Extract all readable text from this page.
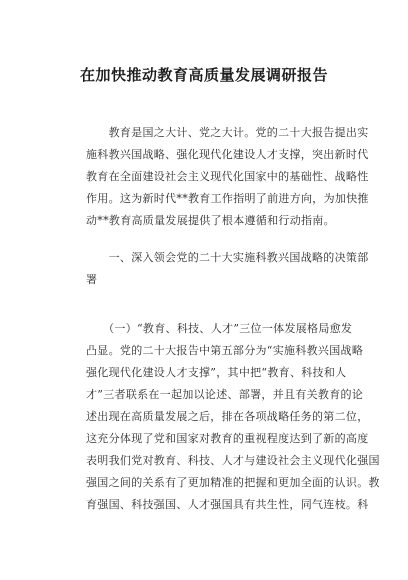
在加快推动教育高质量发展调研报告
　　教育是国之大计、党之大计。党的二十大报告提出实
施科教兴国战略、强化现代化建设人才支撑，突出新时代
教育在全面建设社会主义现代化国家中的基础性、战略性
作用。这为新时代**教育工作指明了前进方向，为加快推
动**教育高质量发展提供了根本遵循和行动指南。
　　一、深入领会党的二十大实施科教兴国战略的决策部
署
　　（一）“教育、科技、人才”三位一体发展格局愈发
凸显。党的二十大报告中第五部分为“实施科教兴国战略
强化现代化建设人才支撑”，其中把“教育、科技和人
才”三者联系在一起加以论述、部署，并且有关教育的论
述出现在高质量发展之后，排在各项战略任务的第二位，
这充分体现了党和国家对教育的重视程度达到了新的高度
表明我们党对教育、科技、人才与建设社会主义现代化强国
强国之间的关系有了更加精准的把握和更加全面的认识。教
育强国、科技强国、人才强国具有共生性，同气连枝。科
